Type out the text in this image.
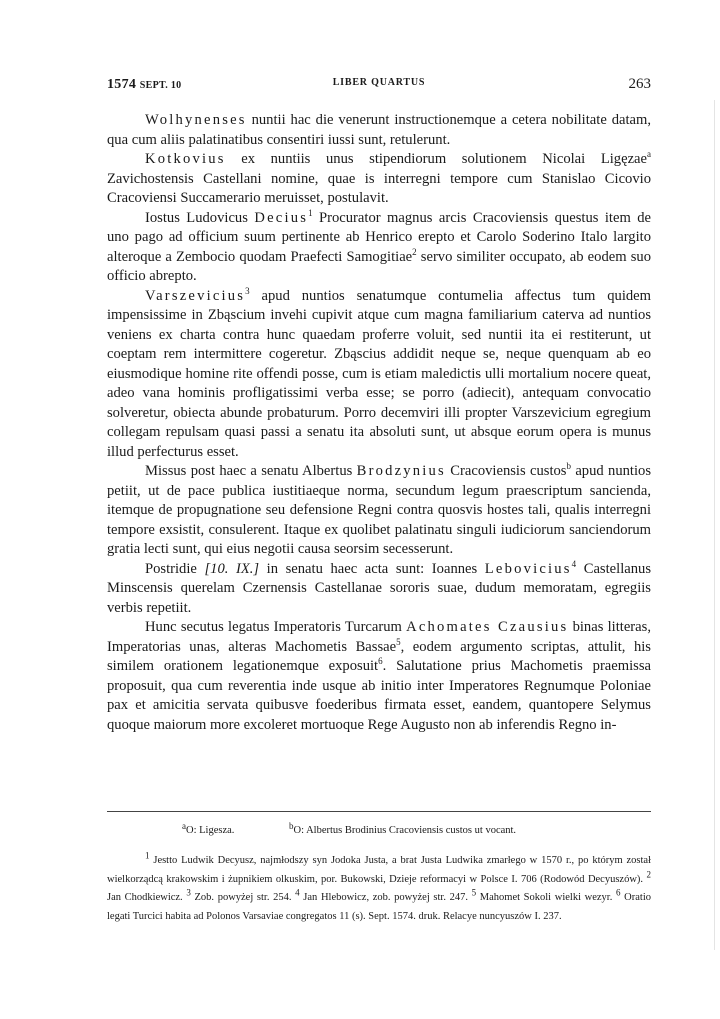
1574 SEPT. 10	LIBER QUARTUS	263

Wolhynenses nuntii hac die venerunt instructionemque a cetera nobilitate datam, qua cum aliis palatinatibus consentiri iussi sunt, retulerunt.

Kotkovius ex nuntiis unus stipendiorum solutionem Nicolai Ligęzae$^a$ Zavichostensis Castellani nomine, quae is interregni tempore cum Stanislao Cicovio Cracoviensi Succamerario meruisset, postulavit.

Iostus Ludovicus Decius$^1$ Procurator magnus arcis Cracoviensis questus item de uno pago ad officium suum pertinente ab Henrico erepto et Carolo Soderino Italo largito alteroque a Zembocio quodam Praefecti Samogitiae$^2$ servo similiter occupato, ab eodem suo officio abrepto.

Varszevicius$^3$ apud nuntios senatumque contumelia affectus tum quidem impensissime in Zbąscium invehi cupivit atque cum magna familiarium caterva ad nuntios veniens ex charta contra hunc quaedam proferre voluit, sed nuntii ita ei restiterunt, ut coeptam rem intermittere cogeretur. Zbąscius addidit neque se, neque quenquam ab eo eiusmodique homine rite offendi posse, cum is etiam maledictis ulli mortalium nocere queat, adeo vana hominis profligatissimi verba esse; se porro (adiecit), antequam convocatio solveretur, obiecta abunde probaturum. Porro decemviri illi propter Varszevicium egregium collegam repulsam quasi passi a senatu ita absoluti sunt, ut absque eorum opera is munus illud perfecturus esset.

Missus post haec a senatu Albertus Brodzynius Cracoviensis custos$^b$ apud nuntios petiit, ut de pace publica iustitiaeque norma, secundum legum praescriptum sancienda, itemque de propugnatione seu defensione Regni contra quosvis hostes tali, qualis interregni tempore exsistit, consulerent. Itaque ex quolibet palatinatu singuli iudiciorum sanciendorum gratia lecti sunt, qui eius negotii causa seorsim secesserunt.

Postridie [10. IX.] in senatu haec acta sunt: Ioannes Lebovicius$^4$ Castellanus Minscensis querelam Czernensis Castellanae sororis suae, dudum memoratam, egregiis verbis repetiit.

Hunc secutus legatus Imperatoris Turcarum Achomates Czausius binas litteras, Imperatorias unas, alteras Machometis Bassae$^5$, eodem argumento scriptas, attulit, his similem orationem legationemque exposuit$^6$. Salutatione prius Machometis praemissa proposuit, qua cum reverentia inde usque ab initio inter Imperatores Regnumque Poloniae pax et amicitia servata quibusve foederibus firmata esset, eandem, quantopere Selymus quoque maiorum more excoleret mortuoque Rege Augusto non ab inferendis Regno in-

aO: Ligesza.	bO: Albertus Brodinius Cracoviensis custos ut vocant.

1 Jestto Ludwik Decyusz, najmłodszy syn Jodoka Justa, a brat Justa Ludwika zmarłego w 1570 r., po którym został wielkorządcą krakowskim i żupnikiem olkuskim, por. Bukowski, Dzieje reformacyi w Polsce I. 706 (Rodowód Decyuszów). 2 Jan Chodkiewicz. 3 Zob. powyżej str. 254. 4 Jan Hlebowicz, zob. powyżej str. 247. 5 Mahomet Sokoli wielki wezyr. 6 Oratio legati Turcici habita ad Polonos Varsaviae congregatos 11 (s). Sept. 1574. druk. Relacye nuncyuszów I. 237.
